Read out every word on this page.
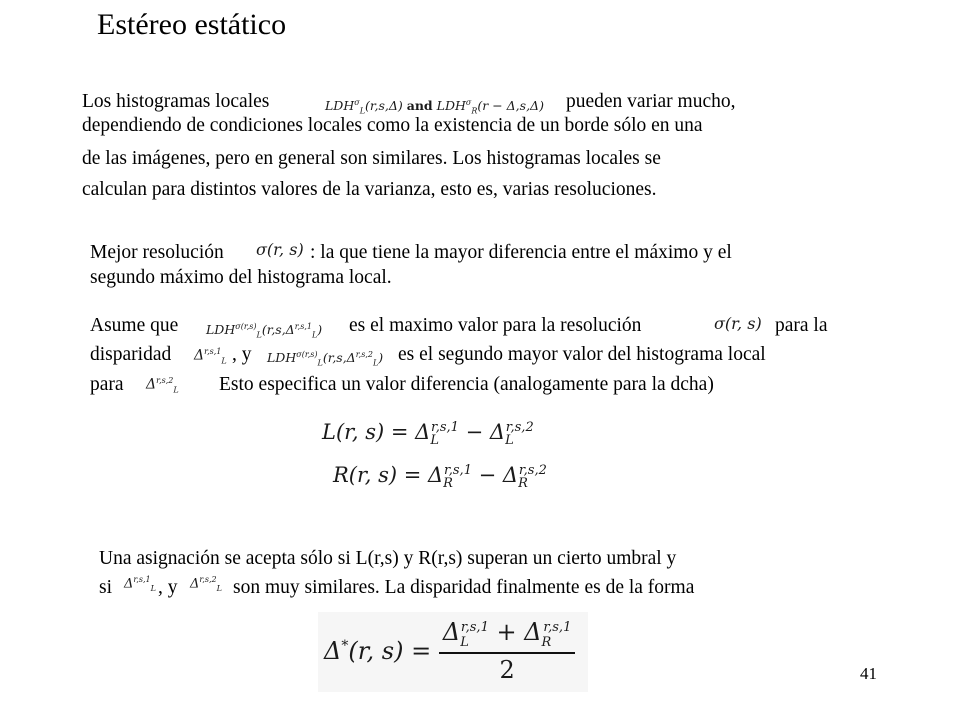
Estéreo estático
Los histogramas locales	$LDH^\sigma_L(r,s,\Delta)$ and $LDH^\sigma_R(r - \Delta,s,\Delta)$ pueden variar mucho,
dependiendo de condiciones locales como la existencia de un borde sólo en una
de las imágenes, pero en general son similares. Los histogramas locales se
calculan para distintos valores de la varianza, esto es, varias resoluciones.
Mejor resolución σ(r, s) : la que tiene la mayor diferencia entre el máximo y el
segundo máximo del histograma local.
Asume que $LDH^{\sigma(r,s)}_L(r,s,\Delta^{r,s,1}_L)$ es el maximo valor para la resolución	σ(r, s) para la
disparidad Δ$^{r,s,1}_L$ , y $LDH^{\sigma(r,s)}_L(r,s,\Delta^{r,s,2}_L)$ es el segundo mayor valor del histograma local
para Δ$^{r,s,2}_L$ Esto especifica un valor diferencia (analogamente para la dcha)
L(r, $s) = \Delta_L^{r,s,1} - \Delta_L^{r,s,2}$
R(r, $s) = \Delta_R^{r,s,1} - \Delta_R^{r,s,2}$
Una asignación se acepta sólo si L(r,s) y R(r,s) superan un cierto umbral y
si Δ$^{r,s,1}_L$ , y Δ$^{r,s,2}_L$ son muy similares. La disparidad finalmente es de la forma
Δ*(r, $s) = \frac{\Delta_L^{r,s,1} + \Delta_R^{r,s,1}}{2}$	41
